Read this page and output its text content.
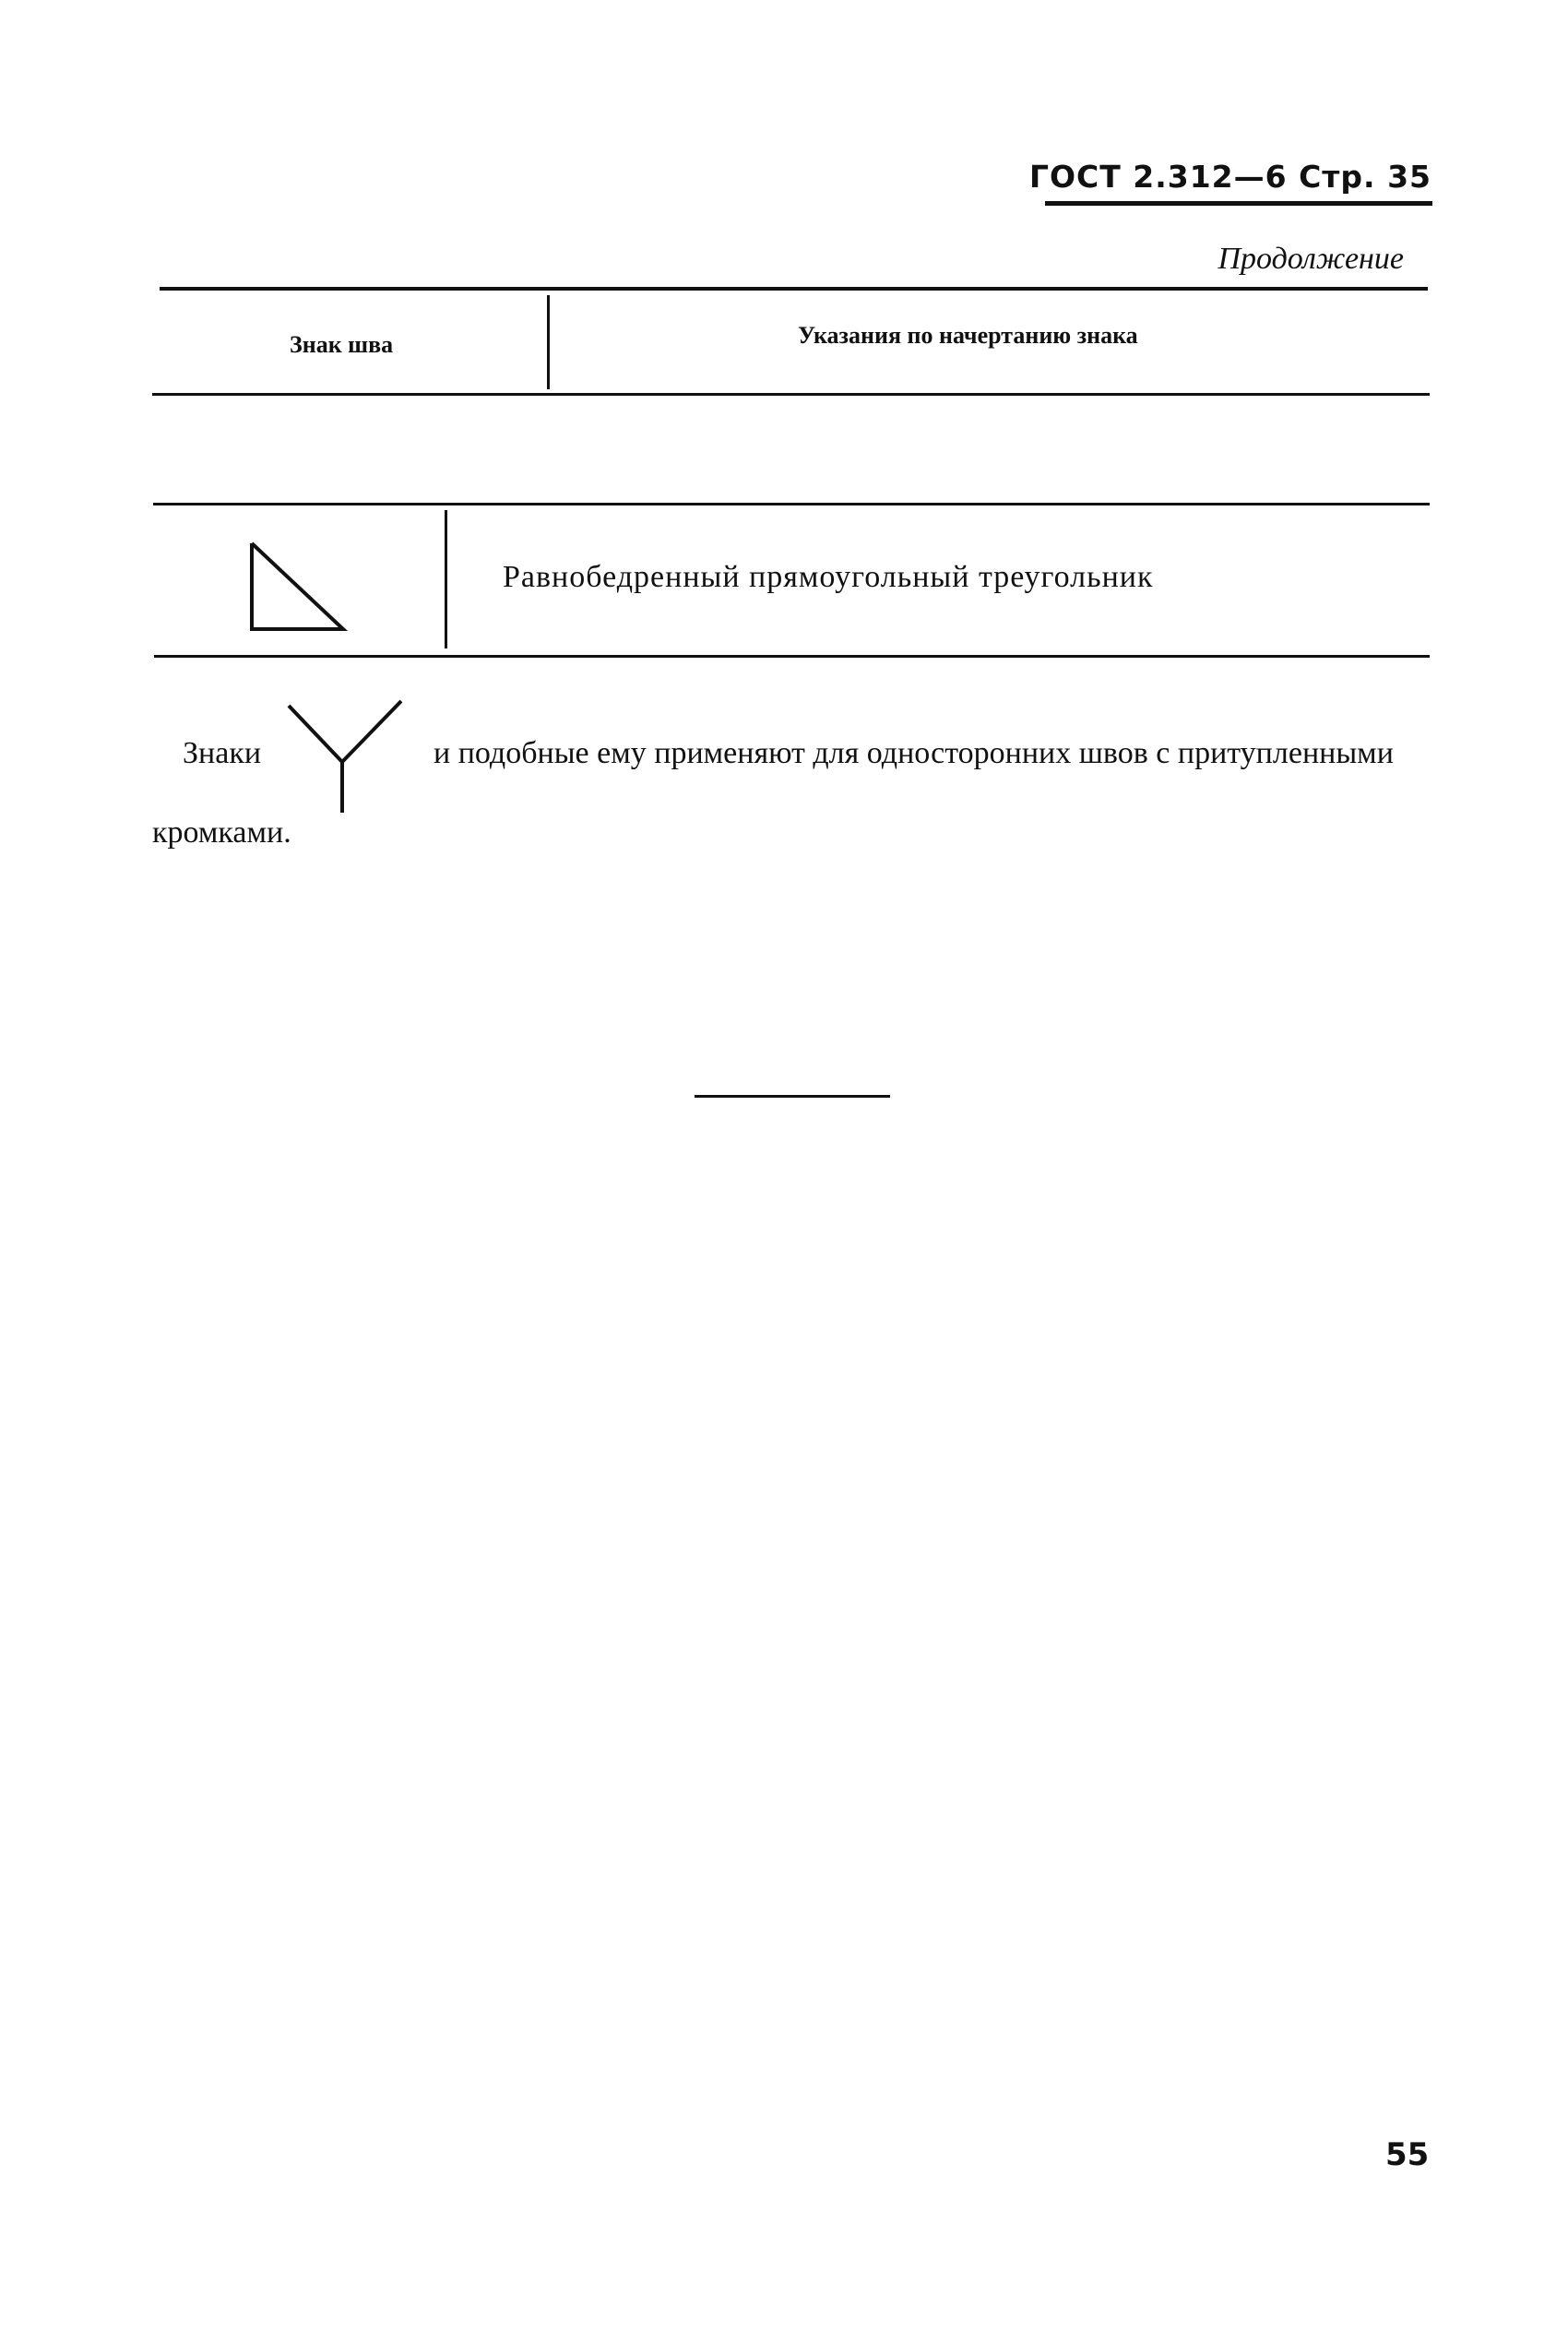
ГОСТ 2.312—6 Стр. 35
Продолжение
Знак шва	Указания по начертанию знака
Равнобедренный прямоугольный треугольник
Знаки	и подобные ему применяют для односторонних швов с притупленными
кромками.
55
